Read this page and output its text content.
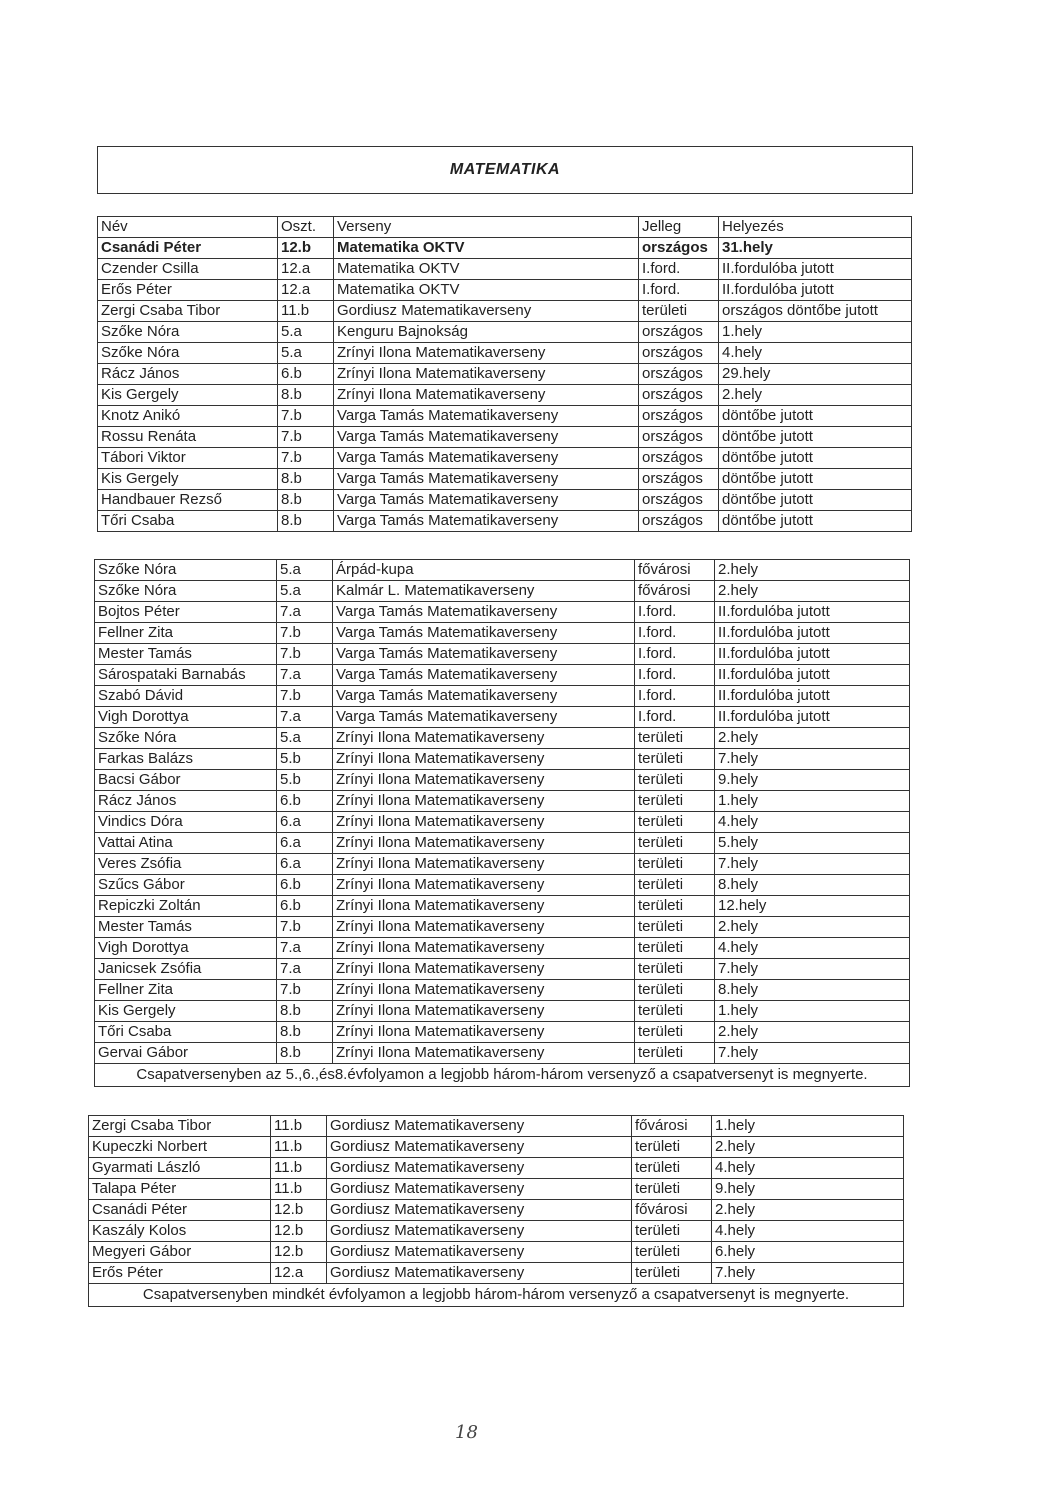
MATEMATIKA
Név	Oszt.	Verseny	Jelleg	Helyezés
Csanádi Péter	12.b	Matematika OKTV	országos	31.hely
Czender Csilla	12.a	Matematika OKTV	I.ford.	II.fordulóba jutott
Erős Péter	12.a	Matematika OKTV	I.ford.	II.fordulóba jutott
Zergi Csaba Tibor	11.b	Gordiusz Matematikaverseny	területi	országos döntőbe jutott
Szőke Nóra	5.a	Kenguru Bajnokság	országos	1.hely
Szőke Nóra	5.a	Zrínyi Ilona Matematikaverseny	országos	4.hely
Rácz János	6.b	Zrínyi Ilona Matematikaverseny	országos	29.hely
Kis Gergely	8.b	Zrínyi Ilona Matematikaverseny	országos	2.hely
Knotz Anikó	7.b	Varga Tamás Matematikaverseny	országos	döntőbe jutott
Rossu Renáta	7.b	Varga Tamás Matematikaverseny	országos	döntőbe jutott
Tábori Viktor	7.b	Varga Tamás Matematikaverseny	országos	döntőbe jutott
Kis Gergely	8.b	Varga Tamás Matematikaverseny	országos	döntőbe jutott
Handbauer Rezső	8.b	Varga Tamás Matematikaverseny	országos	döntőbe jutott
Tőri Csaba	8.b	Varga Tamás Matematikaverseny	országos	döntőbe jutott
Szőke Nóra	5.a	Árpád-kupa	fővárosi	2.hely
Szőke Nóra	5.a	Kalmár L. Matematikaverseny	fővárosi	2.hely
Bojtos Péter	7.a	Varga Tamás Matematikaverseny	I.ford.	II.fordulóba jutott
Fellner Zita	7.b	Varga Tamás Matematikaverseny	I.ford.	II.fordulóba jutott
Mester Tamás	7.b	Varga Tamás Matematikaverseny	I.ford.	II.fordulóba jutott
Sárospataki Barnabás	7.a	Varga Tamás Matematikaverseny	I.ford.	II.fordulóba jutott
Szabó Dávid	7.b	Varga Tamás Matematikaverseny	I.ford.	II.fordulóba jutott
Vigh Dorottya	7.a	Varga Tamás Matematikaverseny	I.ford.	II.fordulóba jutott
Szőke Nóra	5.a	Zrínyi Ilona Matematikaverseny	területi	2.hely
Farkas Balázs	5.b	Zrínyi Ilona Matematikaverseny	területi	7.hely
Bacsi Gábor	5.b	Zrínyi Ilona Matematikaverseny	területi	9.hely
Rácz János	6.b	Zrínyi Ilona Matematikaverseny	területi	1.hely
Vindics Dóra	6.a	Zrínyi Ilona Matematikaverseny	területi	4.hely
Vattai Atina	6.a	Zrínyi Ilona Matematikaverseny	területi	5.hely
Veres Zsófia	6.a	Zrínyi Ilona Matematikaverseny	területi	7.hely
Szűcs Gábor	6.b	Zrínyi Ilona Matematikaverseny	területi	8.hely
Repiczki Zoltán	6.b	Zrínyi Ilona Matematikaverseny	területi	12.hely
Mester Tamás	7.b	Zrínyi Ilona Matematikaverseny	területi	2.hely
Vigh Dorottya	7.a	Zrínyi Ilona Matematikaverseny	területi	4.hely
Janicsek Zsófia	7.a	Zrínyi Ilona Matematikaverseny	területi	7.hely
Fellner Zita	7.b	Zrínyi Ilona Matematikaverseny	területi	8.hely
Kis Gergely	8.b	Zrínyi Ilona Matematikaverseny	területi	1.hely
Tőri Csaba	8.b	Zrínyi Ilona Matematikaverseny	területi	2.hely
Gervai Gábor	8.b	Zrínyi Ilona Matematikaverseny	területi	7.hely
Csapatversenyben az 5.,6.,és8.évfolyamon a legjobb három-három versenyző a csapatversenyt is megnyerte.				
Zergi Csaba Tibor	11.b	Gordiusz Matematikaverseny	fővárosi	1.hely
Kupeczki Norbert	11.b	Gordiusz Matematikaverseny	területi	2.hely
Gyarmati László	11.b	Gordiusz Matematikaverseny	területi	4.hely
Talapa Péter	11.b	Gordiusz Matematikaverseny	területi	9.hely
Csanádi Péter	12.b	Gordiusz Matematikaverseny	fővárosi	2.hely
Kaszály Kolos	12.b	Gordiusz Matematikaverseny	területi	4.hely
Megyeri Gábor	12.b	Gordiusz Matematikaverseny	területi	6.hely
Erős Péter	12.a	Gordiusz Matematikaverseny	területi	7.hely
Csapatversenyben mindkét évfolyamon a legjobb három-három versenyző a csapatversenyt is megnyerte.				
18
